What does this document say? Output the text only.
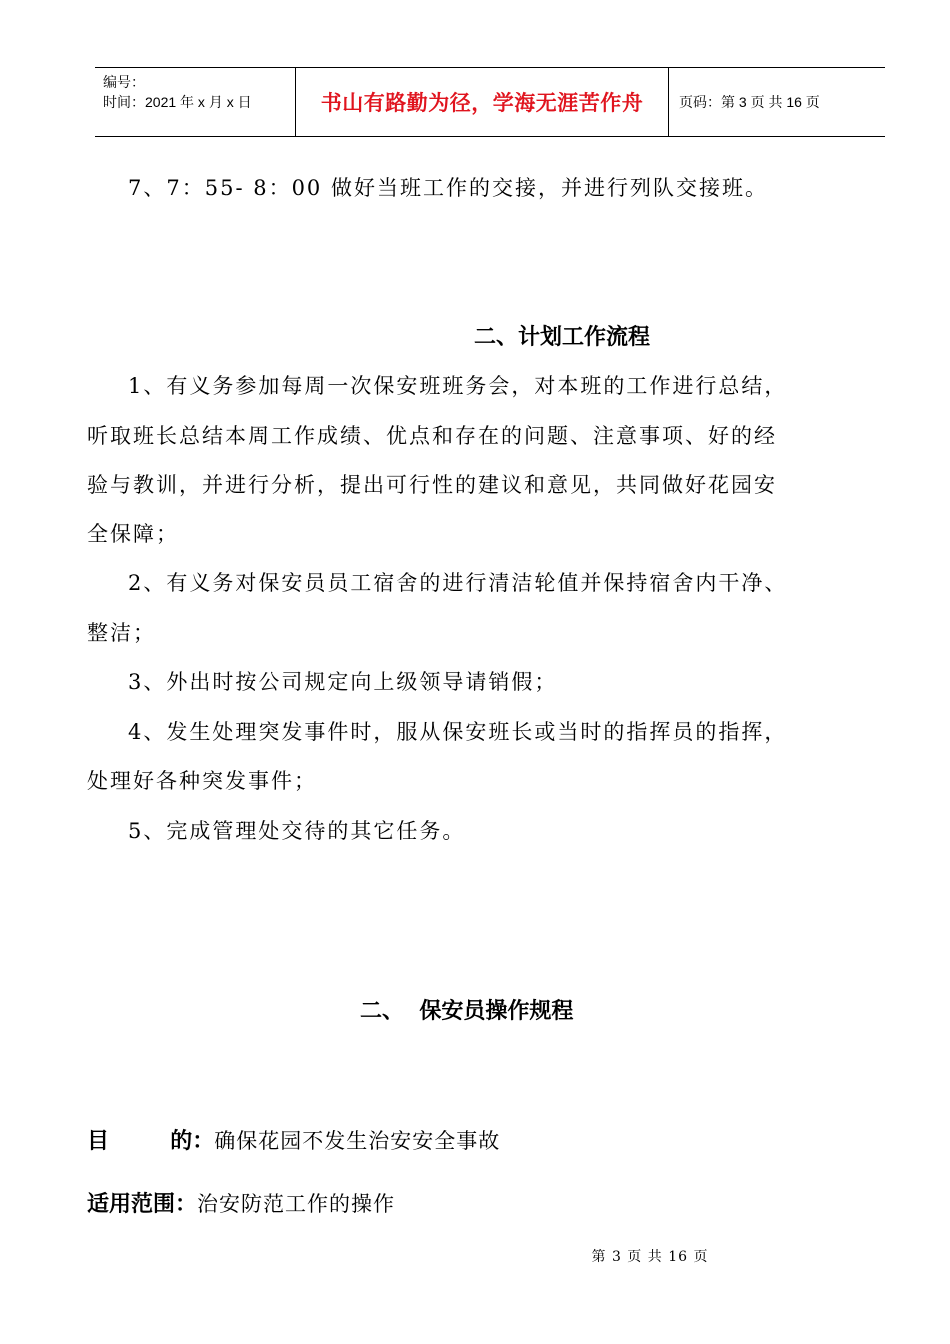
编号：
时间：2021 年 x 月 x 日	书山有路勤为径，学海无涯苦作舟	页码：第 3 页 共 16 页
7、7：55- 8：00 做好当班工作的交接，并进行列队交接班。
二、计划工作流程
1、有义务参加每周一次保安班班务会，对本班的工作进行总结，
听取班长总结本周工作成绩、优点和存在的问题、注意事项、好的经
验与教训，并进行分析，提出可行性的建议和意见，共同做好花园安
全保障；
2、有义务对保安员员工宿舍的进行清洁轮值并保持宿舍内干净、
整洁；
3、外出时按公司规定向上级领导请销假；
4、发生处理突发事件时，服从保安班长或当时的指挥员的指挥，
处理好各种突发事件；
5、完成管理处交待的其它任务。
二、  保安员操作规程
目        的：确保花园不发生治安安全事故
适用范围：治安防范工作的操作
第 3 页 共 16 页
